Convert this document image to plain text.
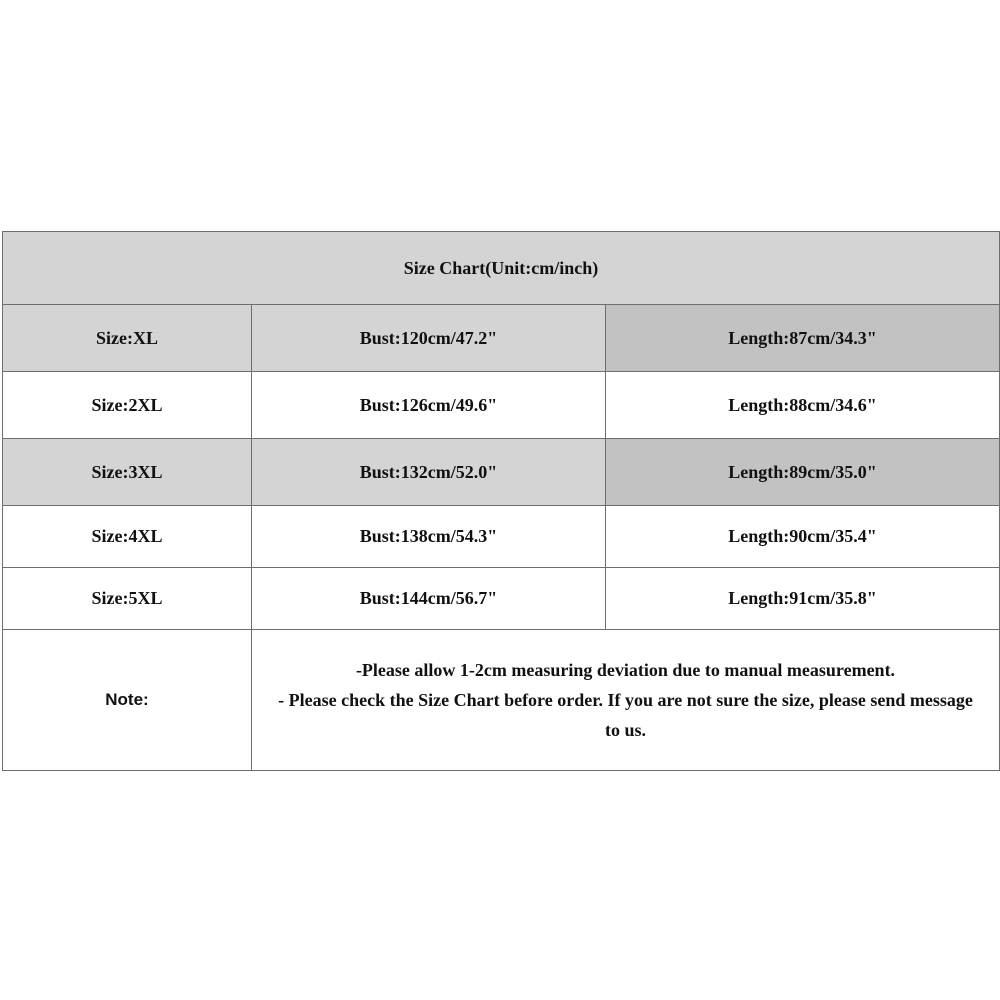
Size Chart(Unit:cm/inch)		
Size:XL	Bust:120cm/47.2"	Length:87cm/34.3"
Size:2XL	Bust:126cm/49.6"	Length:88cm/34.6"
Size:3XL	Bust:132cm/52.0"	Length:89cm/35.0"
Size:4XL	Bust:138cm/54.3"	Length:90cm/35.4"
Size:5XL	Bust:144cm/56.7"	Length:91cm/35.8"
Note:	-Please allow 1-2cm measuring deviation due to manual measurement.
- Please check the Size Chart before order. If you are not sure the size, please send message to us.	
